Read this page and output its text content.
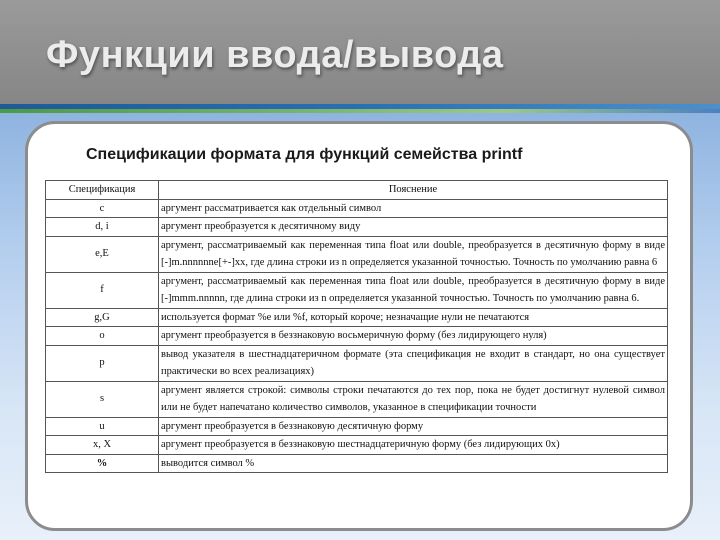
Функции ввода/вывода
Спецификации формата для функций семейства printf
Спецификация	Пояснение
c	аргумент рассматривается как отдельный символ
d, i	аргумент преобразуется к десятичному виду
e,E	аргумент, рассматриваемый как переменная типа float или double, преобразуется в десятичную форму в виде [-]m.nnnnnne[+-]xx, где длина строки из n определяется указанной точностью. Точность по умолчанию равна 6
f	аргумент, рассматриваемый как переменная типа float или double, преобразуется в десятичную форму в виде [-]mmm.nnnnn, где длина строки из n определяется указанной точностью. Точность по умолчанию равна 6.
g,G	используется формат %e или %f, который короче; незначащие нули не печатаются
o	аргумент преобразуется в беззнаковую восьмеричную форму (без лидирующего нуля)
p	вывод указателя в шестнадцатеричном формате (эта спецификация не входит в стандарт, но она существует практически во всех реализациях)
s	аргумент является строкой: символы строки печатаются до тех пор, пока не будет достигнут нулевой символ или не будет напечатано количество символов, указанное в спецификации точности
u	аргумент преобразуется в беззнаковую десятичную форму
x, X	аргумент преобразуется в беззнаковую шестнадцатеричную форму (без лидирующих 0x)
%	выводится символ %
